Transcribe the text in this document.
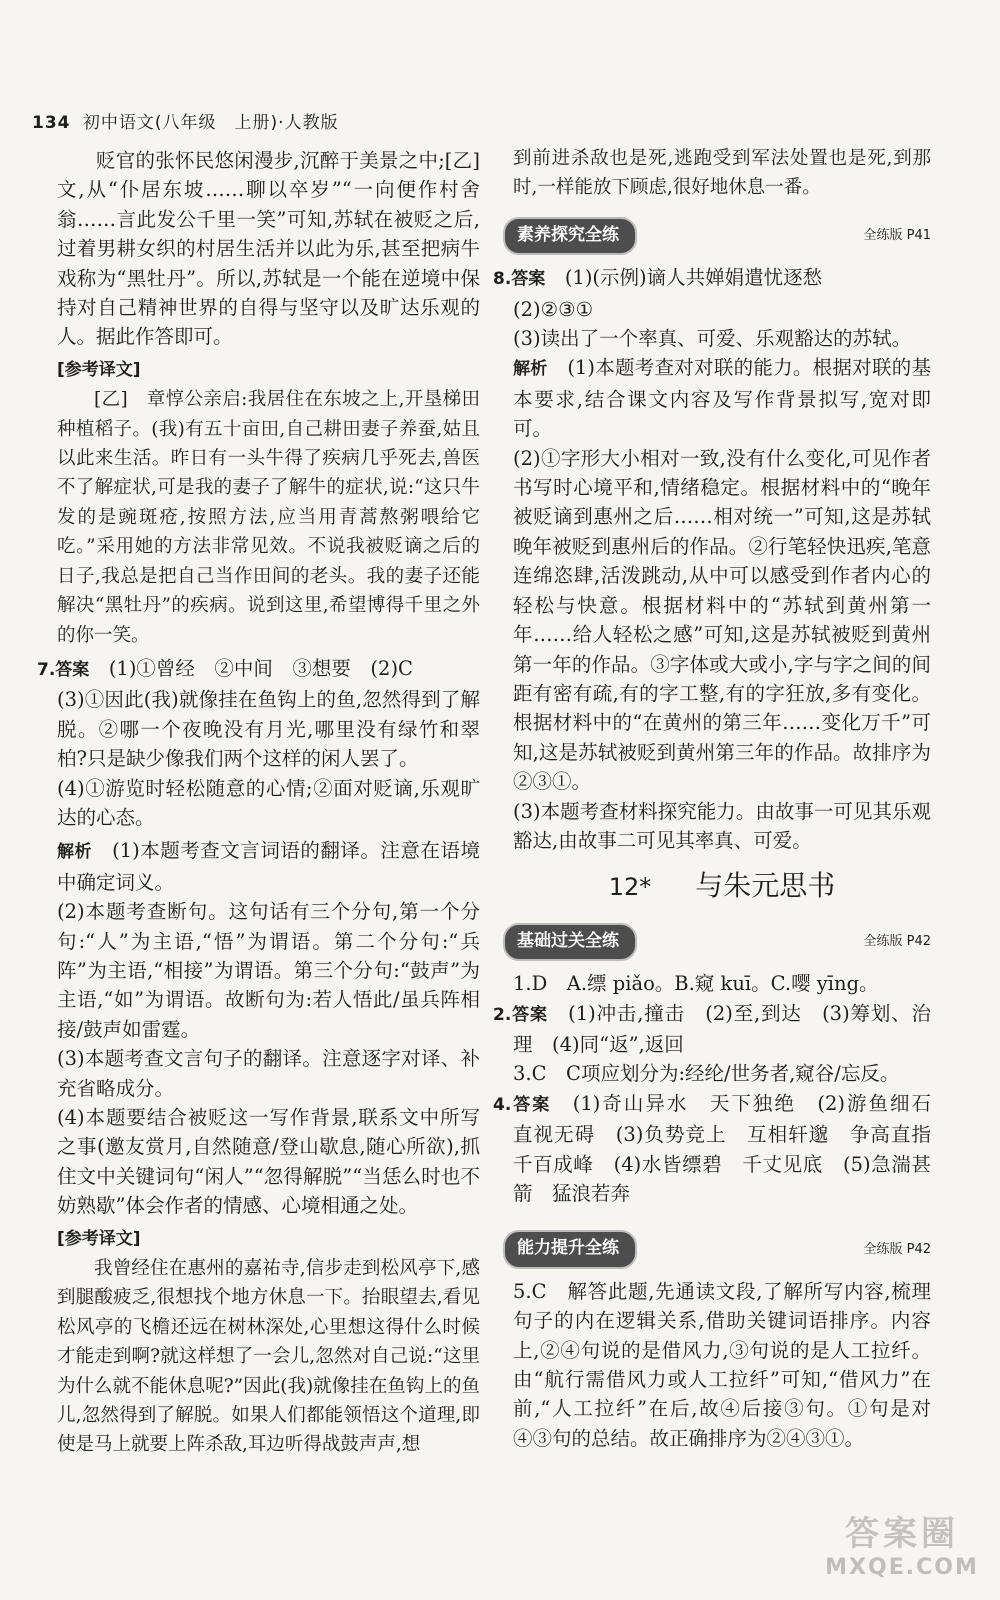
134 初中语文(八年级　上册)·人教版

贬官的张怀民悠闲漫步,沉醉于美景之中;[乙]文,从“仆居东坡……聊以卒岁”“一向便作村舍翁……言此发公千里一笑”可知,苏轼在被贬之后,过着男耕女织的村居生活并以此为乐,甚至把病牛戏称为“黑牡丹”。所以,苏轼是一个能在逆境中保持对自己精神世界的自得与坚守以及旷达乐观的人。据此作答即可。

[参考译文]

[乙]　章惇公亲启:我居住在东坡之上,开垦梯田种植稻子。(我)有五十亩田,自己耕田妻子养蚕,姑且以此来生活。昨日有一头牛得了疾病几乎死去,兽医不了解症状,可是我的妻子了解牛的症状,说:“这只牛发的是豌斑疮,按照方法,应当用青蒿熬粥喂给它吃。”采用她的方法非常见效。不说我被贬谪之后的日子,我总是把自己当作田间的老头。我的妻子还能解决“黑牡丹”的疾病。说到这里,希望博得千里之外的你一笑。

7.答案　 (1)①曾经　②中间　③想要　(2)C

(3)①因此(我)就像挂在鱼钩上的鱼,忽然得到了解脱。②哪一个夜晚没有月光,哪里没有绿竹和翠柏?只是缺少像我们两个这样的闲人罢了。

(4)①游览时轻松随意的心情;②面对贬谪,乐观旷达的心态。

解析　 (1)本题考查文言词语的翻译。注意在语境中确定词义。

(2)本题考查断句。这句话有三个分句,第一个分句:“人”为主语,“悟”为谓语。第二个分句:“兵阵”为主语,“相接”为谓语。第三个分句:“鼓声”为主语,“如”为谓语。故断句为:若人悟此/虽兵阵相接/鼓声如雷霆。

(3)本题考查文言句子的翻译。注意逐字对译、补充省略成分。

(4)本题要结合被贬这一写作背景,联系文中所写之事(邀友赏月,自然随意/登山歇息,随心所欲),抓住文中关键词句“闲人”“忽得解脱”“当恁么时也不妨熟歇”体会作者的情感、心境相通之处。

[参考译文]

我曾经住在惠州的嘉祐寺,信步走到松风亭下,感到腿酸疲乏,很想找个地方休息一下。抬眼望去,看见松风亭的飞檐还远在树林深处,心里想这得什么时候才能走到啊?就这样想了一会儿,忽然对自己说:“这里为什么就不能休息呢?”因此(我)就像挂在鱼钩上的鱼儿,忽然得到了解脱。如果人们都能领悟这个道理,即使是马上就要上阵杀敌,耳边听得战鼓声声,想

到前进杀敌也是死,逃跑受到军法处置也是死,到那时,一样能放下顾虑,很好地休息一番。

素养探究全练	全练版 P41

8.答案　 (1)(示例)谪人共婵娟遣忧逐愁

(2)②③①

(3)读出了一个率真、可爱、乐观豁达的苏轼。

解析　 (1)本题考查对对联的能力。根据对联的基本要求,结合课文内容及写作背景拟写,宽对即可。

(2)①字形大小相对一致,没有什么变化,可见作者书写时心境平和,情绪稳定。根据材料中的“晚年被贬谪到惠州之后……相对统一”可知,这是苏轼晚年被贬到惠州后的作品。②行笔轻快迅疾,笔意连绵恣肆,活泼跳动,从中可以感受到作者内心的轻松与快意。根据材料中的“苏轼到黄州第一年……给人轻松之感”可知,这是苏轼被贬到黄州第一年的作品。③字体或大或小,字与字之间的间距有密有疏,有的字工整,有的字狂放,多有变化。根据材料中的“在黄州的第三年……变化万千”可知,这是苏轼被贬到黄州第三年的作品。故排序为②③①。

(3)本题考查材料探究能力。由故事一可见其乐观豁达,由故事二可见其率真、可爱。

12* 与朱元思书
基础过关全练	全练版 P42

1.D　A.缥 piǎo。B.窥 kuī。C.嘤 yīng。

2.答案　 (1)冲击,撞击　(2)至,到达　(3)筹划、治理　(4)同“返”,返回

3.C　C项应划分为:经纶/世务者,窥谷/忘反。

4.答案　 (1)奇山异水　天下独绝　(2)游鱼细石　直视无碍　(3)负势竞上　互相轩邈　争高直指　千百成峰　(4)水皆缥碧　千丈见底　(5)急湍甚箭　猛浪若奔

能力提升全练	全练版 P42

5.C　解答此题,先通读文段,了解所写内容,梳理句子的内在逻辑关系,借助关键词语排序。内容上,②④句说的是借风力,③句说的是人工拉纤。由“航行需借风力或人工拉纤”可知,“借风力”在前,“人工拉纤”在后,故④后接③句。①句是对④③句的总结。故正确排序为②④③①。

答案圈
MXQE.COM
